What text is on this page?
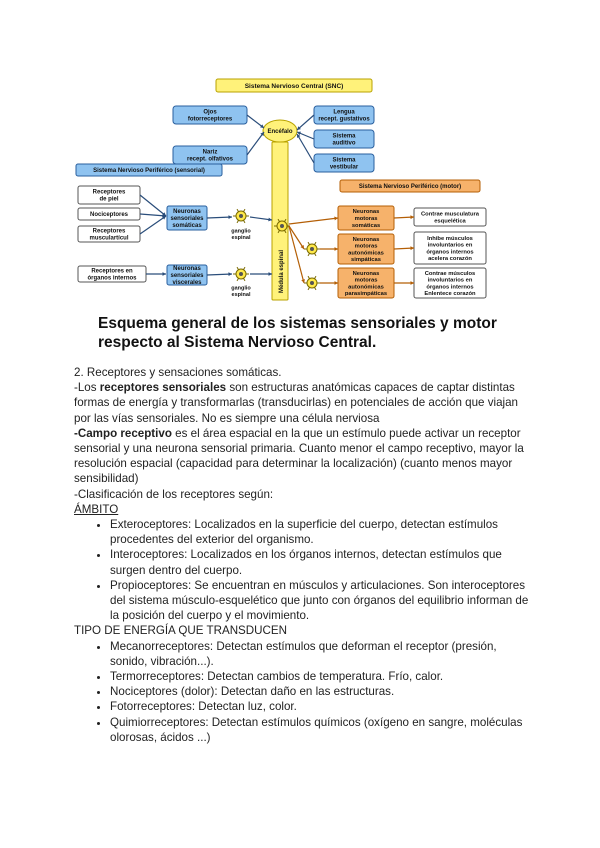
Sistema Nervioso Central (SNC)
Encéfalo
Médula espinal
Ojos
fotorreceptores
Nariz
recept. olfativos
Lengua
recept. gustativos
Sistema
auditivo
Sistema
vestibular
Sistema Nervioso Periférico (sensorial)
Sistema Nervioso Periférico (motor)
Receptores
de piel
Nociceptores
Receptores
musculartícul
Receptores en
órganos internos
Neuronas
sensoriales
somáticas
Neuronas
sensoriales
viscerales
ganglio
espinal
ganglio
espinal
Neuronas
motoras
somáticas
Contrae musculatura
esquelética
Neuronas
motoras
autonómicas
simpáticas
Inhibe músculos
involuntarios en
órganos internos
acelera corazón
Neuronas
motoras
autonómicas
parasimpáticas
Contrae músculos
involuntarios en
órganos internos
Enlentece corazón
Esquema general de los sistemas sensoriales y motor
respecto al Sistema Nervioso Central.

2. Receptores y sensaciones somáticas.

-Los receptores sensoriales son estructuras anatómicas capaces de captar distintas formas de energía y transformarlas (transducirlas) en potenciales de acción que viajan por las vías sensoriales. No es siempre una célula nerviosa

-Campo receptivo es el área espacial en la que un estímulo puede activar un receptor sensorial y una neurona sensorial primaria. Cuanto menor el campo receptivo, mayor la resolución espacial (capacidad para determinar la localización) (cuanto menos mayor sensibilidad)

-Clasificación de los receptores según:

ÁMBITO

• Exteroceptores: Localizados en la superficie del cuerpo, detectan estímulos procedentes del exterior del organismo.
• Interoceptores: Localizados en los órganos internos, detectan estímulos que surgen dentro del cuerpo.
• Propioceptores: Se encuentran en músculos y articulaciones. Son interoceptores del sistema músculo-esquelético que junto con órganos del equilibrio informan de la posición del cuerpo y el movimiento.

TIPO DE ENERGÍA QUE TRANSDUCEN

• Mecanorreceptores: Detectan estímulos que deforman el receptor (presión, sonido, vibración...).
• Termorreceptores: Detectan cambios de temperatura. Frío, calor.
• Nociceptores (dolor): Detectan daño en las estructuras.
• Fotorreceptores: Detectan luz, color.
• Quimiorreceptores: Detectan estímulos químicos (oxígeno en sangre, moléculas olorosas, ácidos ...)
